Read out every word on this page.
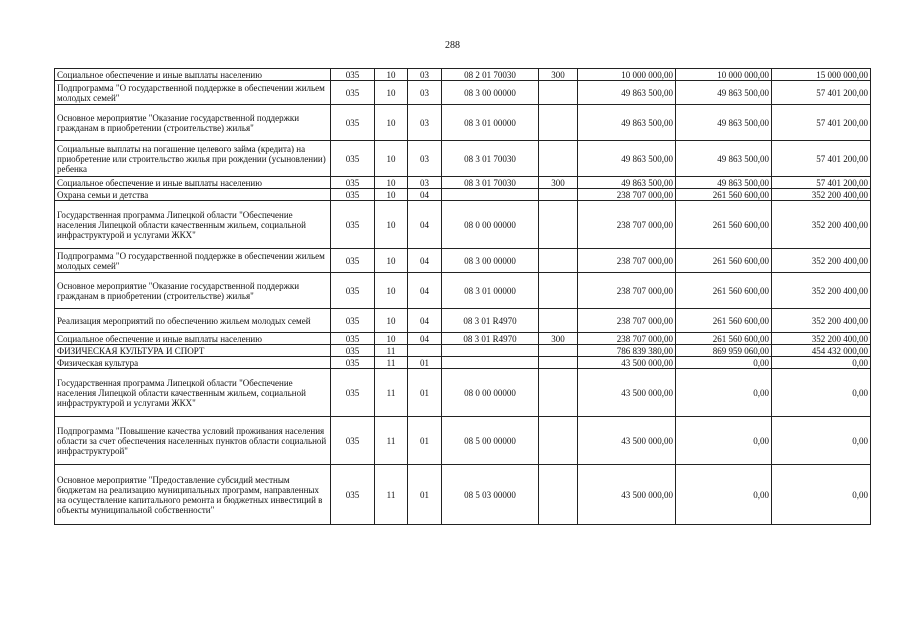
288
Социальное обеспечение и иные выплаты населению	035	10	03	08 2 01 70030	300	10 000 000,00	10 000 000,00	15 000 000,00
Подпрограмма "О государственной поддержке в обеспечении жильем молодых семей"	035	10	03	08 3 00 00000		49 863 500,00	49 863 500,00	57 401 200,00
Основное мероприятие "Оказание государственной поддержки гражданам в приобретении (строительстве) жилья"	035	10	03	08 3 01 00000		49 863 500,00	49 863 500,00	57 401 200,00
Социальные выплаты на погашение целевого займа (кредита) на приобретение или строительство жилья при рождении (усыновлении) ребенка	035	10	03	08 3 01 70030		49 863 500,00	49 863 500,00	57 401 200,00
Социальное обеспечение и иные выплаты населению	035	10	03	08 3 01 70030	300	49 863 500,00	49 863 500,00	57 401 200,00
Охрана семьи и детства	035	10	04			238 707 000,00	261 560 600,00	352 200 400,00
Государственная программа Липецкой области "Обеспечение населения Липецкой области качественным жильем, социальной инфраструктурой и услугами ЖКХ"	035	10	04	08 0 00 00000		238 707 000,00	261 560 600,00	352 200 400,00
Подпрограмма "О государственной поддержке в обеспечении жильем молодых семей"	035	10	04	08 3 00 00000		238 707 000,00	261 560 600,00	352 200 400,00
Основное мероприятие "Оказание государственной поддержки гражданам в приобретении (строительстве) жилья"	035	10	04	08 3 01 00000		238 707 000,00	261 560 600,00	352 200 400,00
Реализация мероприятий по обеспечению жильем молодых семей	035	10	04	08 3 01 R4970		238 707 000,00	261 560 600,00	352 200 400,00
Социальное обеспечение и иные выплаты населению	035	10	04	08 3 01 R4970	300	238 707 000,00	261 560 600,00	352 200 400,00
ФИЗИЧЕСКАЯ КУЛЬТУРА И СПОРТ	035	11				786 839 380,00	869 959 060,00	454 432 000,00
Физическая культура	035	11	01			43 500 000,00	0,00	0,00
Государственная программа Липецкой области "Обеспечение населения Липецкой области качественным жильем, социальной инфраструктурой и услугами ЖКХ"	035	11	01	08 0 00 00000		43 500 000,00	0,00	0,00
Подпрограмма "Повышение качества условий проживания населения области за счет обеспечения населенных пунктов области социальной инфраструктурой"	035	11	01	08 5 00 00000		43 500 000,00	0,00	0,00
Основное мероприятие "Предоставление субсидий местным бюджетам на реализацию муниципальных программ, направленных на осуществление капитального ремонта и бюджетных инвестиций в объекты муниципальной собственности"	035	11	01	08 5 03 00000		43 500 000,00	0,00	0,00
